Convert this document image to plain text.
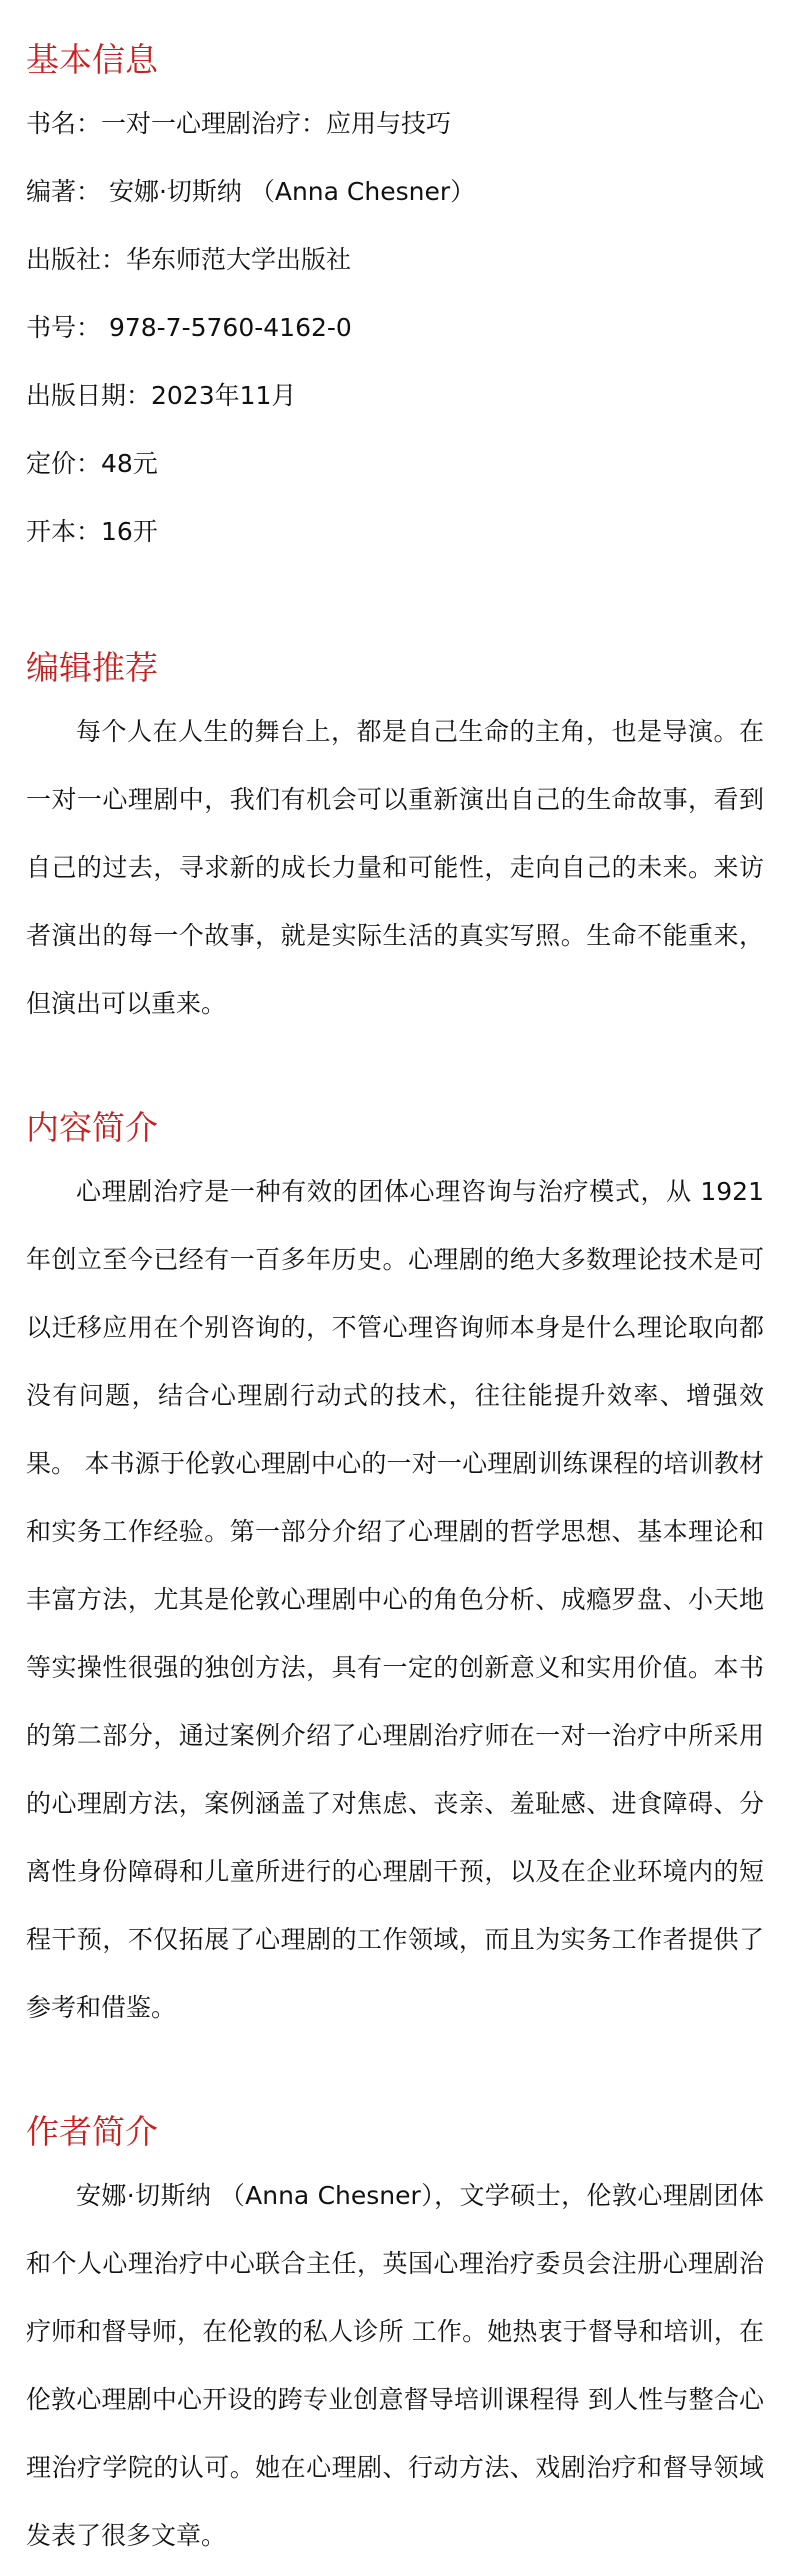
基本信息
书名：一对一心理剧治疗：应用与技巧
编著： 安娜·切斯纳 （Anna Chesner）
出版社：华东师范大学出版社
书号： 978-7-5760-4162-0
出版日期：2023年11月
定价：48元
开本：16开
编辑推荐

每个人在人生的舞台上，都是自己生命的主角，也是导演。在一对一心理剧中，我们有机会可以重新演出自己的生命故事，看到自己的过去，寻求新的成长力量和可能性，走向自己的未来。来访者演出的每一个故事，就是实际生活的真实写照。生命不能重来，但演出可以重来。

内容简介

心理剧治疗是一种有效的团体心理咨询与治疗模式，从 1921 年创立至今已经有一百多年历史。心理剧的绝大多数理论技术是可以迁移应用在个别咨询的，不管心理咨询师本身是什么理论取向都没有问题，结合心理剧行动式的技术，往往能提升效率、增强效果。 本书源于伦敦心理剧中心的一对一心理剧训练课程的培训教材和实务工作经验。第一部分介绍了心理剧的哲学思想、基本理论和丰富方法，尤其是伦敦心理剧中心的角色分析、成瘾罗盘、小天地等实操性很强的独创方法，具有一定的创新意义和实用价值。本书的第二部分，通过案例介绍了心理剧治疗师在一对一治疗中所采用的心理剧方法，案例涵盖了对焦虑、丧亲、羞耻感、进食障碍、分离性身份障碍和儿童所进行的心理剧干预，以及在企业环境内的短程干预，不仅拓展了心理剧的工作领域，而且为实务工作者提供了参考和借鉴。

作者简介

安娜·切斯纳 （Anna Chesner），文学硕士，伦敦心理剧团体和个人心理治疗中心联合主任，英国心理治疗委员会注册心理剧治疗师和督导师，在伦敦的私人诊所 工作。她热衷于督导和培训，在伦敦心理剧中心开设的跨专业创意督导培训课程得 到人性与整合心理治疗学院的认可。她在心理剧、行动方法、戏剧治疗和督导领域 发表了很多文章。
